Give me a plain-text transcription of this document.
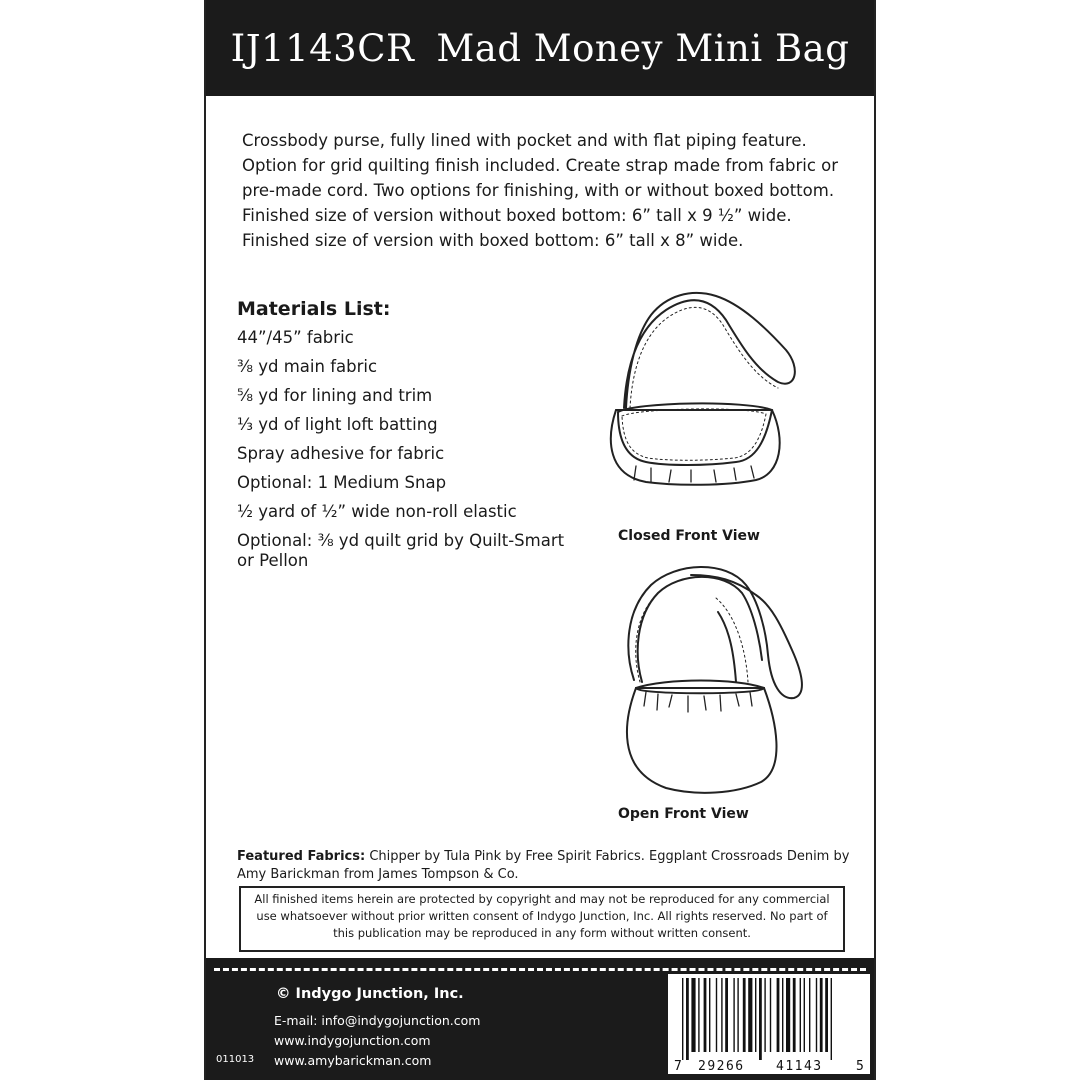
IJ1143CR Mad Money Mini Bag
Crossbody purse, fully lined with pocket and with flat piping feature.
Option for grid quilting finish included. Create strap made from fabric or
pre-made cord. Two options for finishing, with or without boxed bottom.
Finished size of version without boxed bottom: 6” tall x 9 ½” wide.
Finished size of version with boxed bottom: 6” tall x 8” wide.
Materials List:
44”/45” fabric
⅜ yd main fabric
⅝ yd for lining and trim
⅓ yd of light loft batting
Spray adhesive for fabric
Optional: 1 Medium Snap
½ yard of ½” wide non-roll elastic
Optional: ⅜ yd quilt grid by Quilt-Smart or Pellon
Closed Front View
Open Front View
Featured Fabrics: Chipper by Tula Pink by Free Spirit Fabrics. Eggplant Crossroads Denim by Amy Barickman from James Tompson & Co.
All finished items herein are protected by copyright and may not be reproduced for any commercial use whatsoever without prior written consent of Indygo Junction, Inc. All rights reserved. No part of this publication may be reproduced in any form without written consent.
© Indygo Junction, Inc.
E-mail: info@indygojunction.com
www.indygojunction.com
www.amybarickman.com
011013	7 29266 41143	5
